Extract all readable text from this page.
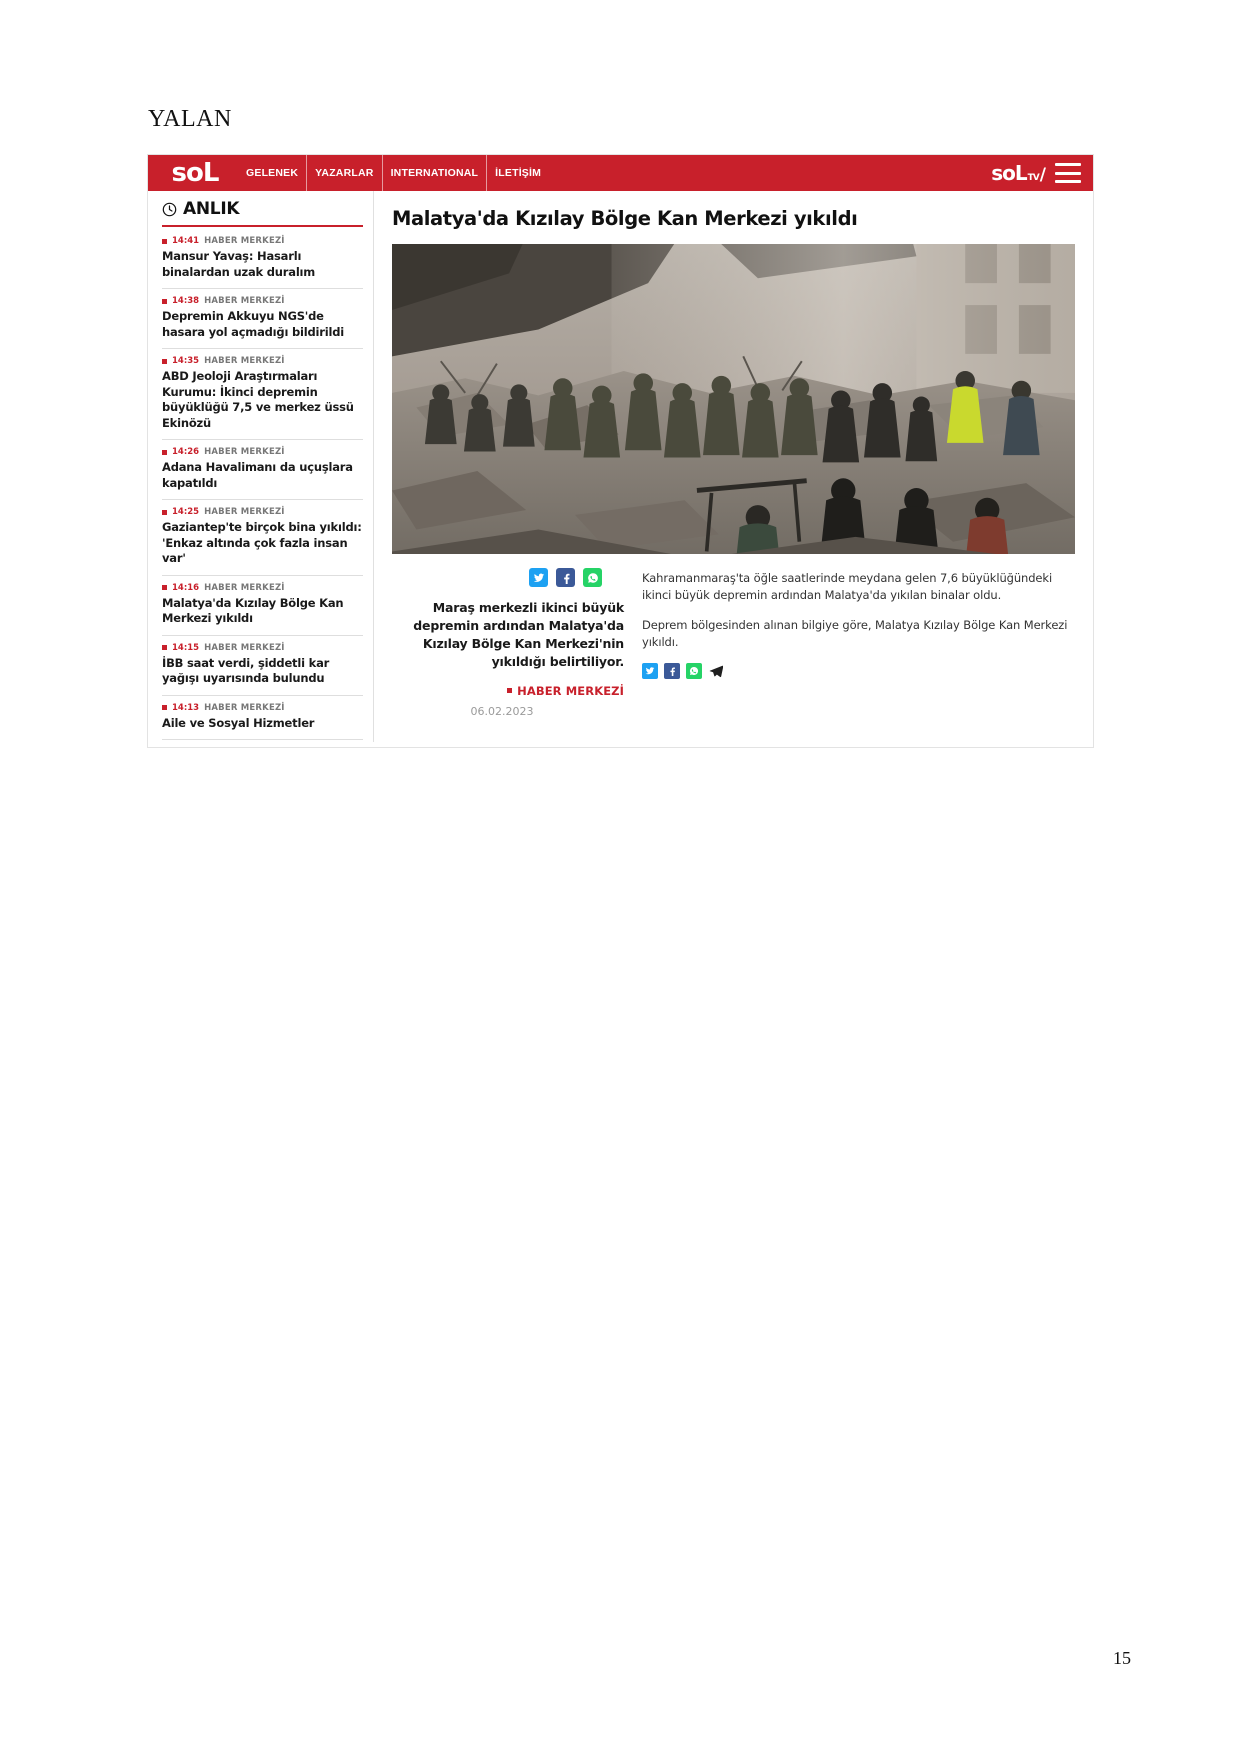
YALAN
soL	GELENEK	YAZARLAR	INTERNATIONAL	İLETİŞİM	soL TV /
ANLIK
14:41 HABER MERKEZİ
Mansur Yavaş: Hasarlı binalardan uzak duralım
14:38 HABER MERKEZİ
Depremin Akkuyu NGS'de hasara yol açmadığı bildirildi
14:35 HABER MERKEZİ
ABD Jeoloji Araştırmaları Kurumu: İkinci depremin büyüklüğü 7,5 ve merkez üssü Ekinözü
14:26 HABER MERKEZİ
Adana Havalimanı da uçuşlara kapatıldı
14:25 HABER MERKEZİ
Gaziantep'te birçok bina yıkıldı: 'Enkaz altında çok fazla insan var'
14:16 HABER MERKEZİ
Malatya'da Kızılay Bölge Kan Merkezi yıkıldı
14:15 HABER MERKEZİ
İBB saat verdi, şiddetli kar yağışı uyarısında bulundu
14:13 HABER MERKEZİ
Aile ve Sosyal Hizmetler
Malatya'da Kızılay Bölge Kan Merkezi yıkıldı
Maraş merkezli ikinci büyük depremin ardından Malatya'da Kızılay Bölge Kan Merkezi'nin yıkıldığı belirtiliyor.
HABER MERKEZİ
06.02.2023

Kahramanmaraş'ta öğle saatlerinde meydana gelen 7,6 büyüklüğündeki ikinci büyük depremin ardından Malatya'da yıkılan binalar oldu.

Deprem bölgesinden alınan bilgiye göre, Malatya Kızılay Bölge Kan Merkezi yıkıldı.

15
